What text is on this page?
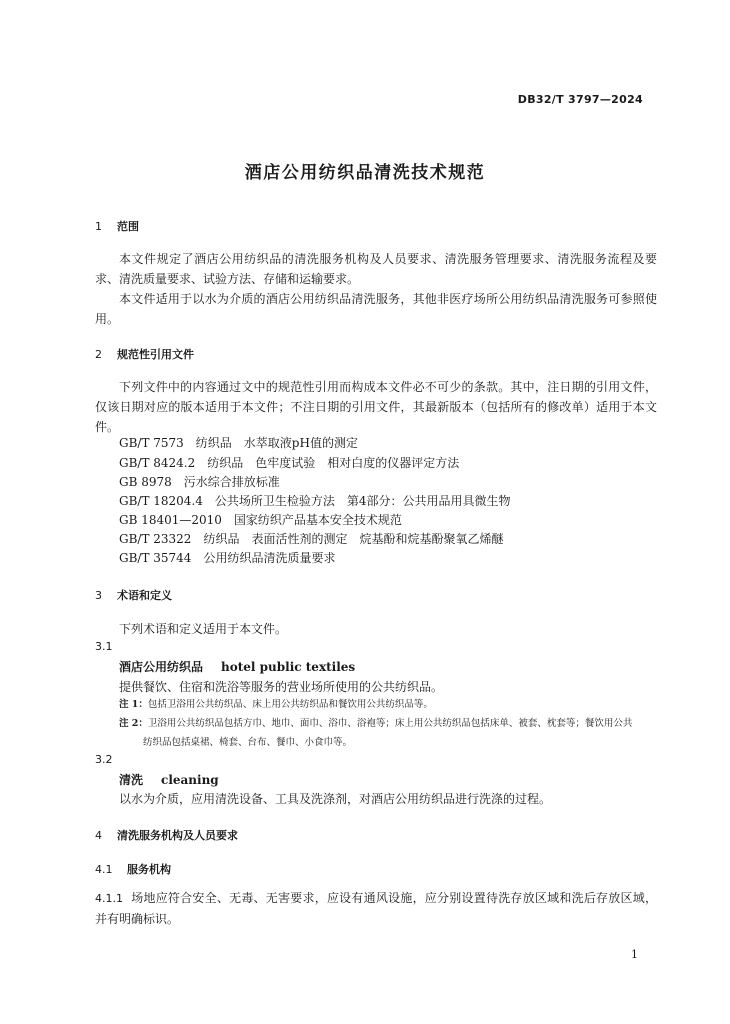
DB32/T 3797—2024
酒店公用纺织品清洗技术规范
1 范围
本文件规定了酒店公用纺织品的清洗服务机构及人员要求、清洗服务管理要求、清洗服务流程及要求、清洗质量要求、试验方法、存储和运输要求。
本文件适用于以水为介质的酒店公用纺织品清洗服务，其他非医疗场所公用纺织品清洗服务可参照使用。
2 规范性引用文件
下列文件中的内容通过文中的规范性引用而构成本文件必不可少的条款。其中，注日期的引用文件，仅该日期对应的版本适用于本文件；不注日期的引用文件，其最新版本（包括所有的修改单）适用于本文件。
GB/T 7573　纺织品　水萃取液pH值的测定
GB/T 8424.2　纺织品　色牢度试验　相对白度的仪器评定方法
GB 8978　污水综合排放标准
GB/T 18204.4　公共场所卫生检验方法　第4部分：公共用品用具微生物
GB 18401—2010　国家纺织产品基本安全技术规范
GB/T 23322　纺织品　表面活性剂的测定　烷基酚和烷基酚聚氧乙烯醚
GB/T 35744　公用纺织品清洗质量要求
3 术语和定义
下列术语和定义适用于本文件。
3.1
酒店公用纺织品 hotel public textiles
提供餐饮、住宿和洗浴等服务的营业场所使用的公共纺织品。
注 1：包括卫浴用公共纺织品、床上用公共纺织品和餐饮用公共纺织品等。
注 2：卫浴用公共纺织品包括方巾、地巾、面巾、浴巾、浴袍等；床上用公共纺织品包括床单、被套、枕套等；餐饮用公共
纺织品包括桌裙、椅套、台布、餐巾、小食巾等。
3.2
清洗 cleaning
以水为介质，应用清洗设备、工具及洗涤剂，对酒店公用纺织品进行洗涤的过程。
4 清洗服务机构及人员要求
4.1 服务机构
4.1.1 场地应符合安全、无毒、无害要求，应设有通风设施，应分别设置待洗存放区域和洗后存放区域，并有明确标识。
1
